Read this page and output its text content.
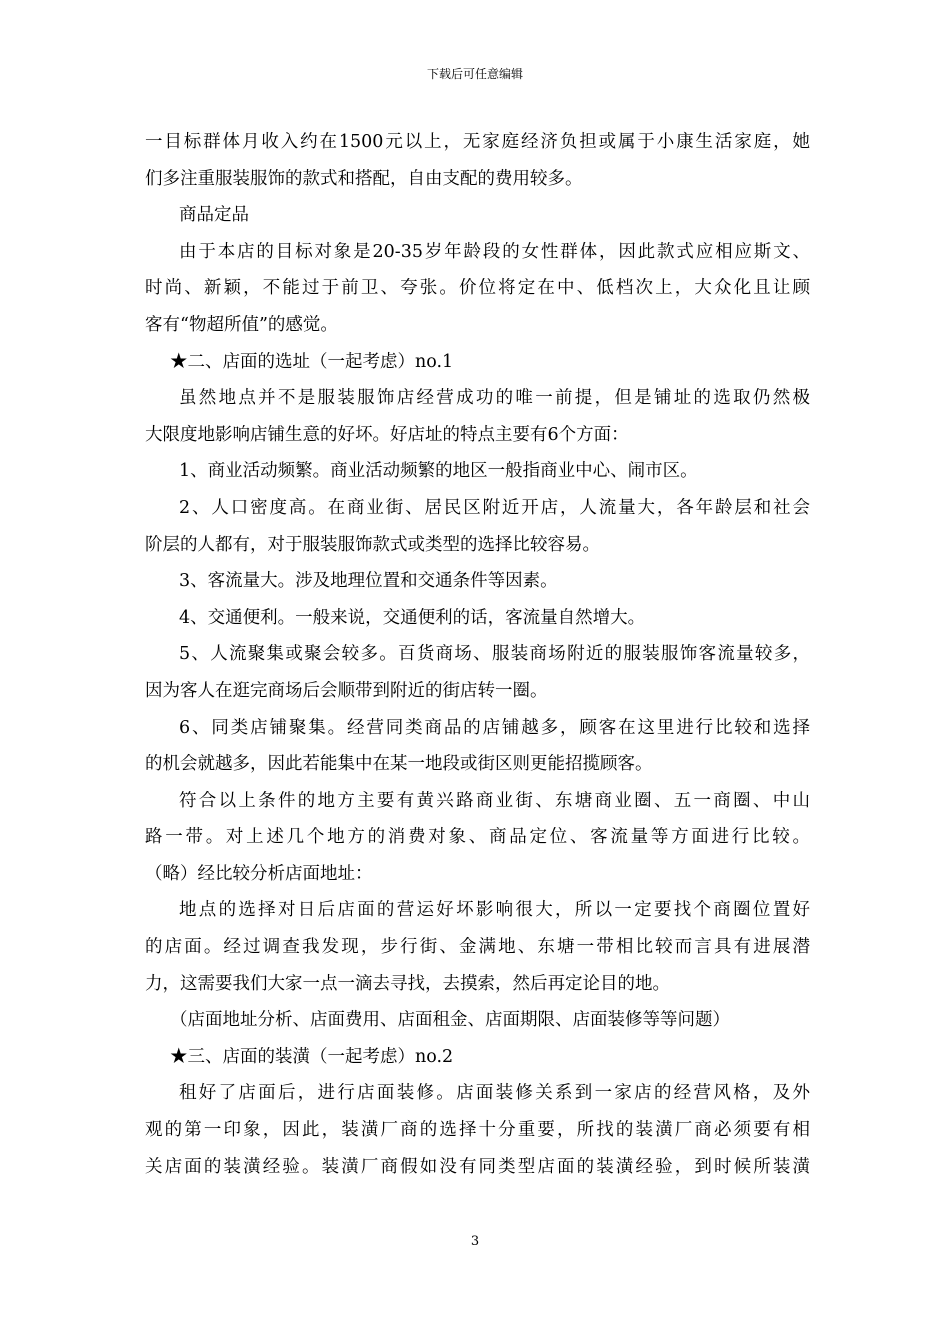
下载后可任意编辑
一目标群体月收入约在1500元以上，无家庭经济负担或属于小康生活家庭，她
们多注重服装服饰的款式和搭配，自由支配的费用较多。
商品定品
由于本店的目标对象是20-35岁年龄段的女性群体，因此款式应相应斯文、
时尚、新颖，不能过于前卫、夸张。价位将定在中、低档次上，大众化且让顾
客有“物超所值”的感觉。
★二、店面的选址（一起考虑）no.1
虽然地点并不是服装服饰店经营成功的唯一前提，但是铺址的选取仍然极
大限度地影响店铺生意的好坏。好店址的特点主要有6个方面：
1、商业活动频繁。商业活动频繁的地区一般指商业中心、闹市区。
2、人口密度高。在商业街、居民区附近开店，人流量大，各年龄层和社会
阶层的人都有，对于服装服饰款式或类型的选择比较容易。
3、客流量大。涉及地理位置和交通条件等因素。
4、交通便利。一般来说，交通便利的话，客流量自然增大。
5、人流聚集或聚会较多。百货商场、服装商场附近的服装服饰客流量较多，
因为客人在逛完商场后会顺带到附近的街店转一圈。
6、同类店铺聚集。经营同类商品的店铺越多，顾客在这里进行比较和选择
的机会就越多，因此若能集中在某一地段或街区则更能招揽顾客。
符合以上条件的地方主要有黄兴路商业街、东塘商业圈、五一商圈、中山
路一带。对上述几个地方的消费对象、商品定位、客流量等方面进行比较。
（略）经比较分析店面地址：
地点的选择对日后店面的营运好坏影响很大，所以一定要找个商圈位置好
的店面。经过调查我发现，步行街、金满地、东塘一带相比较而言具有进展潜
力，这需要我们大家一点一滴去寻找，去摸索，然后再定论目的地。
（店面地址分析、店面费用、店面租金、店面期限、店面装修等等问题）
★三、店面的装潢（一起考虑）no.2
租好了店面后，进行店面装修。店面装修关系到一家店的经营风格，及外
观的第一印象，因此，装潢厂商的选择十分重要，所找的装潢厂商必须要有相
关店面的装潢经验。装潢厂商假如没有同类型店面的装潢经验，到时候所装潢
3
